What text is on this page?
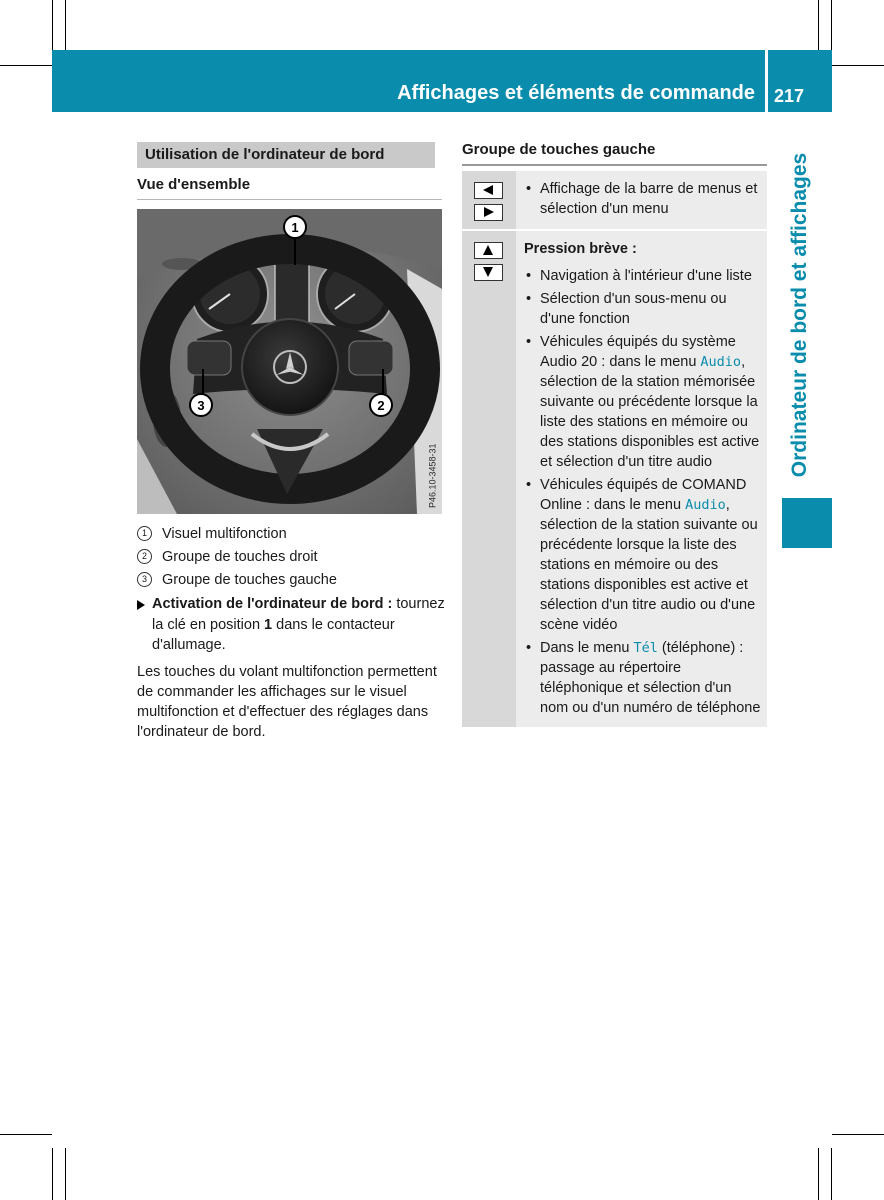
Affichages et éléments de commande 217
Ordinateur de bord et affichages
Utilisation de l'ordinateur de bord
Vue d'ensemble
1
2
3
P46.10-3458-31
1	Visuel multifonction
2	Groupe de touches droit
3	Groupe de touches gauche
Activation de l'ordinateur de bord : tournez la clé en position 1 dans le contacteur d'allumage.
Les touches du volant multifonction permettent de commander les affichages sur le visuel multifonction et d'effectuer des réglages dans l'ordinateur de bord.
Groupe de touches gauche
• Affichage de la barre de menus et sélection d'un menu
Pression brève :
• Navigation à l'intérieur d'une liste
• Sélection d'un sous-menu ou d'une fonction
• Véhicules équipés du système Audio 20 : dans le menu Audio, sélection de la station mémorisée suivante ou précédente lorsque la liste des stations en mémoire ou des stations disponibles est active et sélection d'un titre audio
• Véhicules équipés de COMAND Online : dans le menu Audio, sélection de la station suivante ou précédente lorsque la liste des stations en mémoire ou des stations disponibles est active et sélection d'un titre audio ou d'une scène vidéo
• Dans le menu Tél (téléphone) : passage au répertoire téléphonique et sélection d'un nom ou d'un numéro de téléphone
